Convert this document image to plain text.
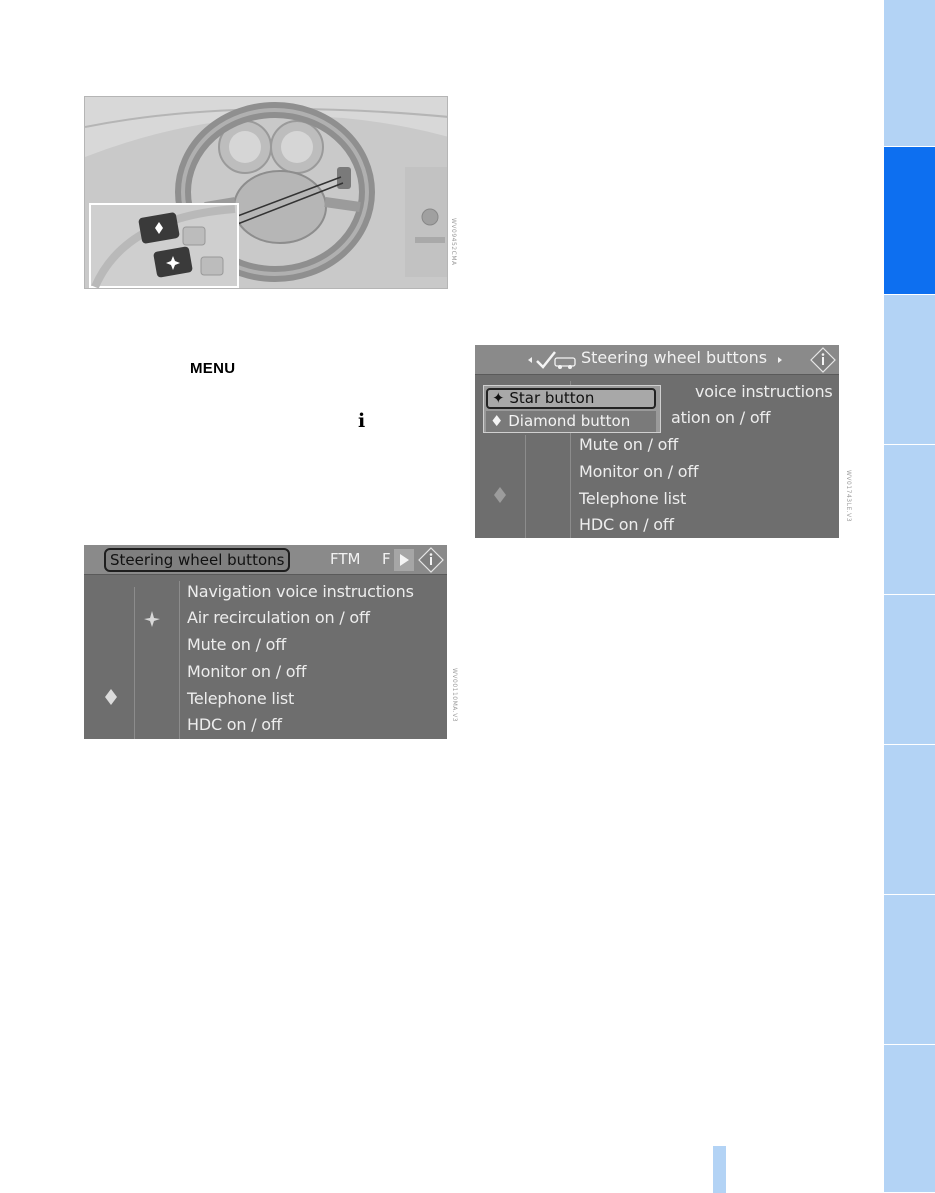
WV09452CMA
MENU
i
Steering wheel buttons	FTM F
Navigation voice instructions
Air recirculation on / off
Mute on / off
Monitor on / off
Telephone list
HDC on / off
WV00110MA.V3
Steering wheel buttons
voice instructions
ation on / off
✦ Star button
♦ Diamond button
Mute on / off
Monitor on / off
Telephone list
HDC on / off
WV01743LE.V3
